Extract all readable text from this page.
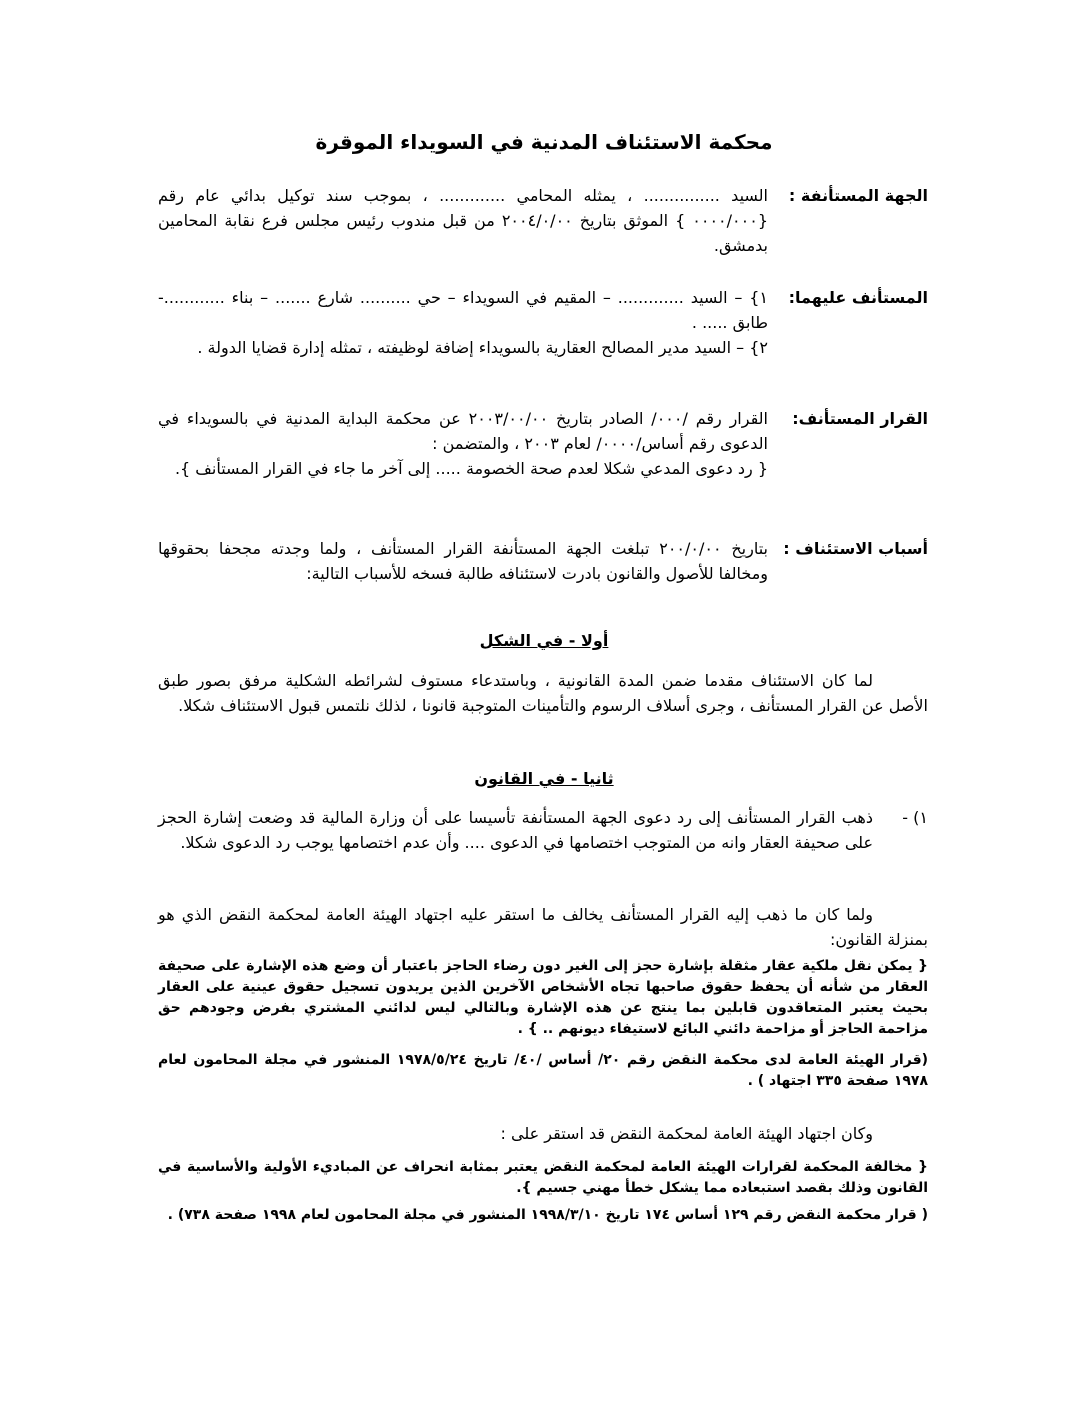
محكمة الاستئناف المدنية في السويداء الموقرة
الجهة المستأنفة :
السيد ............... ، يمثله المحامي ............. ، بموجب سند توكيل بدائي عام رقم {٠٠٠٠/٠٠٠ } الموثق بتاريخ ٢٠٠٤/٠/٠٠ من قبل مندوب رئيس مجلس فرع نقابة المحامين بدمشق.
المستأنف عليهما:

١} – السيد ............. – المقيم في السويداء – حي .......... شارع ....... – بناء ............- طابق ..... .

٢} – السيد مدير المصالح العقارية بالسويداء إضافة لوظيفته ، تمثله إدارة قضايا الدولة .

القرار المستأنف:

القرار رقم /٠٠٠/ الصادر بتاريخ ٢٠٠٣/٠٠/٠٠ عن محكمة البداية المدنية في بالسويداء في الدعوى رقم أساس/٠٠٠٠/ لعام ٢٠٠٣ ، والمتضمن :

{ رد دعوى المدعي شكلا لعدم صحة الخصومة ..... إلى آخر ما جاء في القرار المستأنف }.

أسباب الاستئناف :
بتاريخ ٢٠٠/٠/٠٠ تبلغت الجهة المستأنفة القرار المستأنف ، ولما وجدته مجحفا بحقوقها ومخالفا للأصول والقانون بادرت لاستئنافه طالبة فسخه للأسباب التالية:
أولا - في الشكل

لما كان الاستئناف مقدما ضمن المدة القانونية ، وباستدعاء مستوف لشرائطه الشكلية مرفق بصور طبق الأصل عن القرار المستأنف ، وجرى أسلاف الرسوم والتأمينات المتوجبة قانونا ، لذلك نلتمس قبول الاستئناف شكلا.

ثانيا - في القانون
١) -
ذهب القرار المستأنف إلى رد دعوى الجهة المستأنفة تأسيسا على أن وزارة المالية قد وضعت إشارة الحجز على صحيفة العقار وانه من المتوجب اختصامها في الدعوى .... وأن عدم اختصامها يوجب رد الدعوى شكلا.

ولما كان ما ذهب إليه القرار المستأنف يخالف ما استقر عليه اجتهاد الهيئة العامة لمحكمة النقض الذي هو بمنزلة القانون:

{ يمكن نقل ملكية عقار مثقلة بإشارة حجز إلى الغير دون رضاء الحاجز باعتبار أن وضع هذه الإشارة على صحيفة العقار من شأنه أن يحفظ حقوق صاحبها تجاه الأشخاص الآخرين الذين يريدون تسجيل حقوق عينية على العقار بحيث يعتبر المتعاقدون قابلين بما ينتج عن هذه الإشارة وبالتالي ليس لدائني المشتري بفرض وجودهم حق مزاحمة الحاجز أو مزاحمة دائني البائع لاستيفاء ديونهم .. } .

(قرار الهيئة العامة لدى محكمة النقض رقم ٢٠/ أساس /٤٠/ تاريخ ١٩٧٨/٥/٢٤ المنشور في مجلة المحامون لعام ١٩٧٨ صفحة ٣٣٥ اجتهاد ) .

وكان اجتهاد الهيئة العامة لمحكمة النقض قد استقر على :

{ مخالفة المحكمة لقرارات الهيئة العامة لمحكمة النقض يعتبر بمثابة انحراف عن المباديء الأولية والأساسية في القانون وذلك بقصد استبعاده مما يشكل خطأ مهني جسيم }.

( قرار محكمة النقض رقم ١٢٩ أساس ١٧٤ تاريخ ١٩٩٨/٣/١٠ المنشور في مجلة المحامون لعام ١٩٩٨ صفحة ٧٣٨) .
